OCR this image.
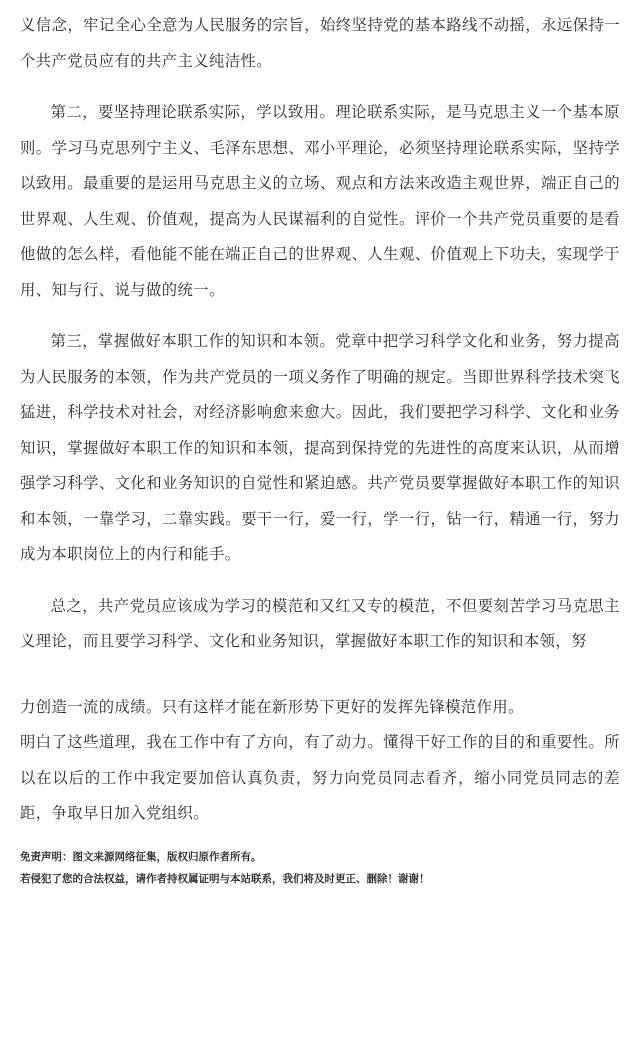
义信念，牢记全心全意为人民服务的宗旨，始终坚持党的基本路线不动摇，永远保持一个共产党员应有的共产主义纯洁性。

第二，要坚持理论联系实际，学以致用。理论联系实际，是马克思主义一个基本原则。学习马克思列宁主义、毛泽东思想、邓小平理论，必须坚持理论联系实际，坚持学以致用。最重要的是运用马克思主义的立场、观点和方法来改造主观世界，端正自己的世界观、人生观、价值观，提高为人民谋福利的自觉性。评价一个共产党员重要的是看他做的怎么样，看他能不能在端正自己的世界观、人生观、价值观上下功夫，实现学于用、知与行、说与做的统一。

第三，掌握做好本职工作的知识和本领。党章中把学习科学文化和业务，努力提高为人民服务的本领，作为共产党员的一项义务作了明确的规定。当即世界科学技术突飞猛进，科学技术对社会，对经济影响愈来愈大。因此，我们要把学习科学、文化和业务知识，掌握做好本职工作的知识和本领，提高到保持党的先进性的高度来认识，从而增强学习科学、文化和业务知识的自觉性和紧迫感。共产党员要掌握做好本职工作的知识和本领，一靠学习，二靠实践。要干一行，爱一行，学一行，钻一行，精通一行，努力成为本职岗位上的内行和能手。

总之，共产党员应该成为学习的模范和又红又专的模范，不但要刻苦学习马克思主义理论，而且要学习科学、文化和业务知识，掌握做好本职工作的知识和本领，努

力创造一流的成绩。只有这样才能在新形势下更好的发挥先锋模范作用。

明白了这些道理，我在工作中有了方向，有了动力。懂得干好工作的目的和重要性。所以在以后的工作中我定要加倍认真负责，努力向党员同志看齐，缩小同党员同志的差距，争取早日加入党组织。

免责声明：图文来源网络征集，版权归原作者所有。
若侵犯了您的合法权益，请作者持权属证明与本站联系，我们将及时更正、删除！谢谢！
